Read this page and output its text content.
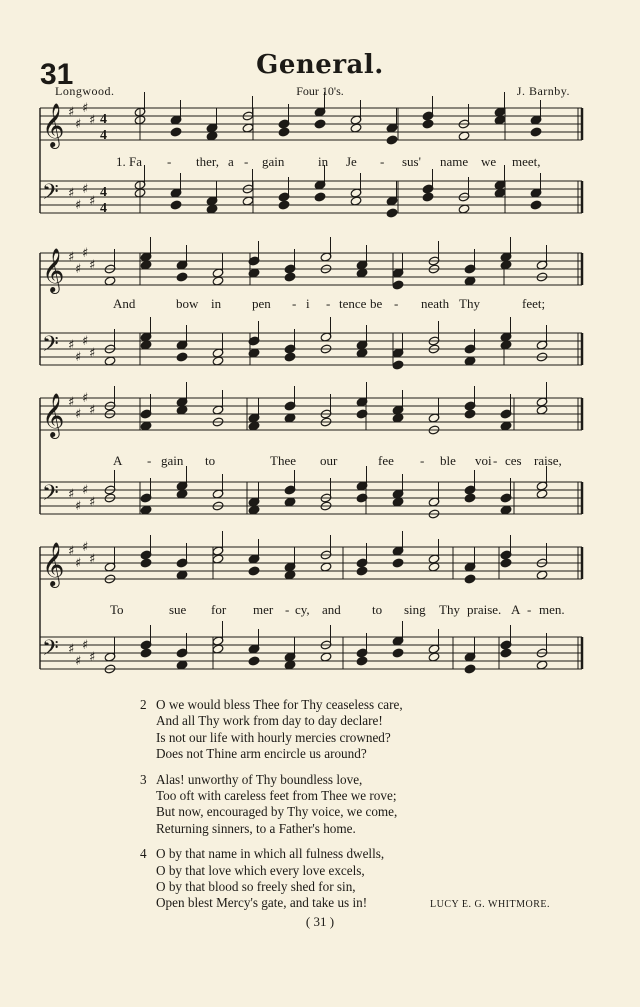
31	General.
Longwood.	Four 10's.	J. Barnby.
𝄞 ♯
♯
♯
♯ 4
4
𝄢 ♯
♯
♯
♯
4
4
𝄞 ♯
♯
♯
♯
𝄢 ♯
♯
♯
♯
𝄞 ♯
♯
♯
♯
𝄢 ♯
♯
♯
♯
𝄞 ♯
♯
♯
♯
𝄢 ♯
♯
♯
♯
1. Fa - ther, a - gain	in Je - sus' name we meet,
And	bow in pen - i - tence be - neath Thy	feet;
A - gain to	Thee our	fee - ble voi - ces raise,
To	sue for mer - cy, and to sing Thy praise. A - men.
2 O we would bless Thee for Thy ceaseless care,
And all Thy work from day to day declare!
Is not our life with hourly mercies crowned?
Does not Thine arm encircle us around?
3 Alas! unworthy of Thy boundless love,
Too oft with careless feet from Thee we rove;
But now, encouraged by Thy voice, we come,
Returning sinners, to a Father's home.
4 O by that name in which all fulness dwells,
O by that love which every love excels,
O by that blood so freely shed for sin,
Open blest Mercy's gate, and take us in!	LUCY E. G. WHITMORE.
( 31 )
